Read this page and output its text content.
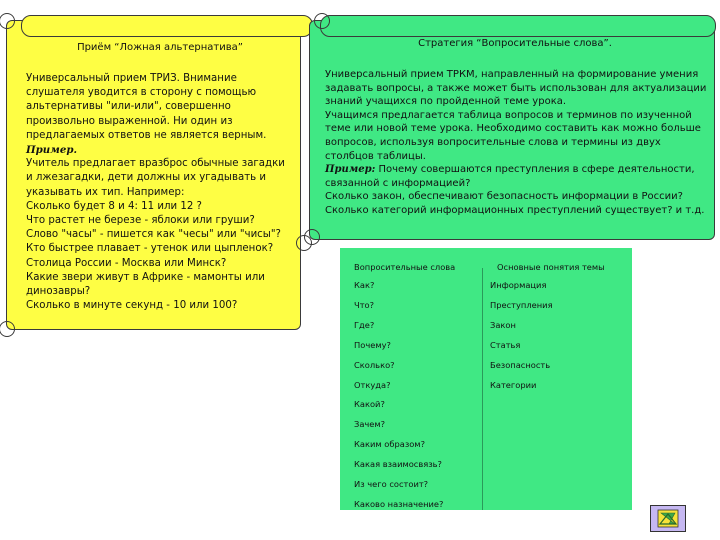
Приём “Ложная альтернатива”

Универсальный прием ТРИЗ. Внимание слушателя уводится в сторону с помощью альтернативы "или-или", совершенно произвольно выраженной. Ни один из предлагаемых ответов не является верным.

Пример.

Учитель предлагает вразброс обычные загадки и лжезагадки, дети должны их угадывать и указывать их тип. Например:
Сколько будет 8 и 4: 11 или 12 ?
Что растет не березе - яблоки или груши?
Слово "часы" - пишется как "чесы" или "чисы"?
Кто быстрее плавает - утенок или цыпленок?
Столица России - Москва или Минск?
Какие звери живут в Африке - мамонты или динозавры?
Сколько в минуте секунд - 10 или 100?

Стратегия “Вопросительные слова”.

Универсальный прием ТРКМ, направленный на формирование умения задавать вопросы, а также может быть использован для актуализации знаний учащихся по пройденной теме урока.
Учащимся предлагается таблица вопросов и терминов по изученной теме или новой теме урока. Необходимо составить как можно больше вопросов, используя вопросительные слова и термины из двух столбцов таблицы.

Пример: Почему совершаются преступления в сфере деятельности, связанной с информацией?
Сколько закон, обеспечивают безопасность информации в России?
Сколько категорий информационных преступлений существует? и т.д.

Вопросительные слова	Основные понятия темы
Как?
Что?
Где?
Почему?
Сколько?
Откуда?
Какой?
Зачем?
Каким образом?
Какая взаимосвязь?
Из чего состоит?
Каково назначение?
Информация
Преступления
Закон
Статья
Безопасность
Категории
